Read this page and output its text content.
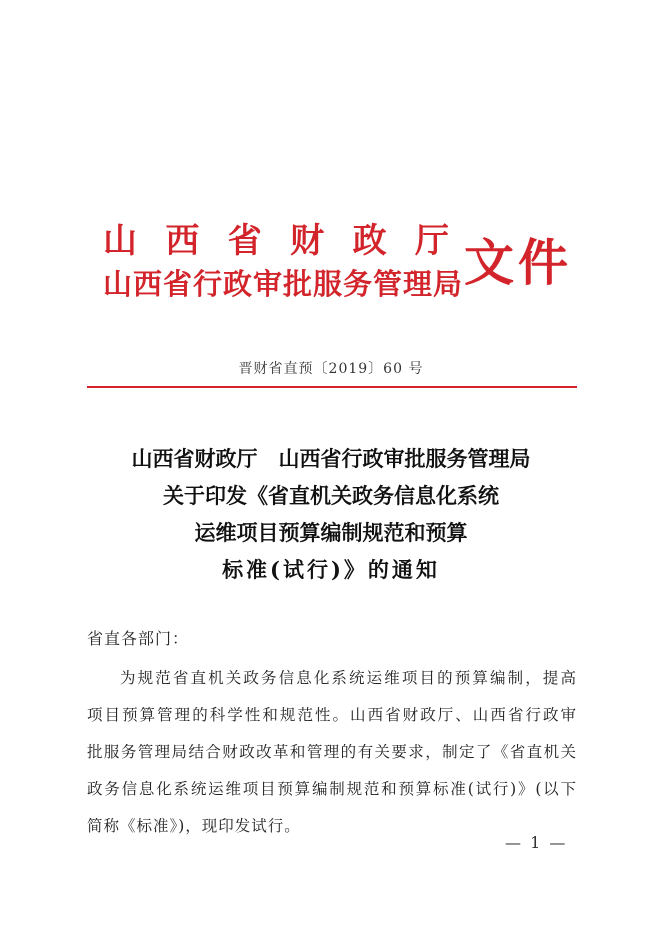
山 西 省 财 政 厅
山西省行政审批服务管理局 文件
晋财省直预〔2019〕60 号
山西省财政厅　山西省行政审批服务管理局
关于印发《省直机关政务信息化系统
运维项目预算编制规范和预算
标准(试行)》的通知
省直各部门：
为规范省直机关政务信息化系统运维项目的预算编制，提高
项目预算管理的科学性和规范性。山西省财政厅、山西省行政审
批服务管理局结合财政改革和管理的有关要求，制定了《省直机关
政务信息化系统运维项目预算编制规范和预算标准(试行)》(以下
简称《标准》)，现印发试行。
— 1 —
